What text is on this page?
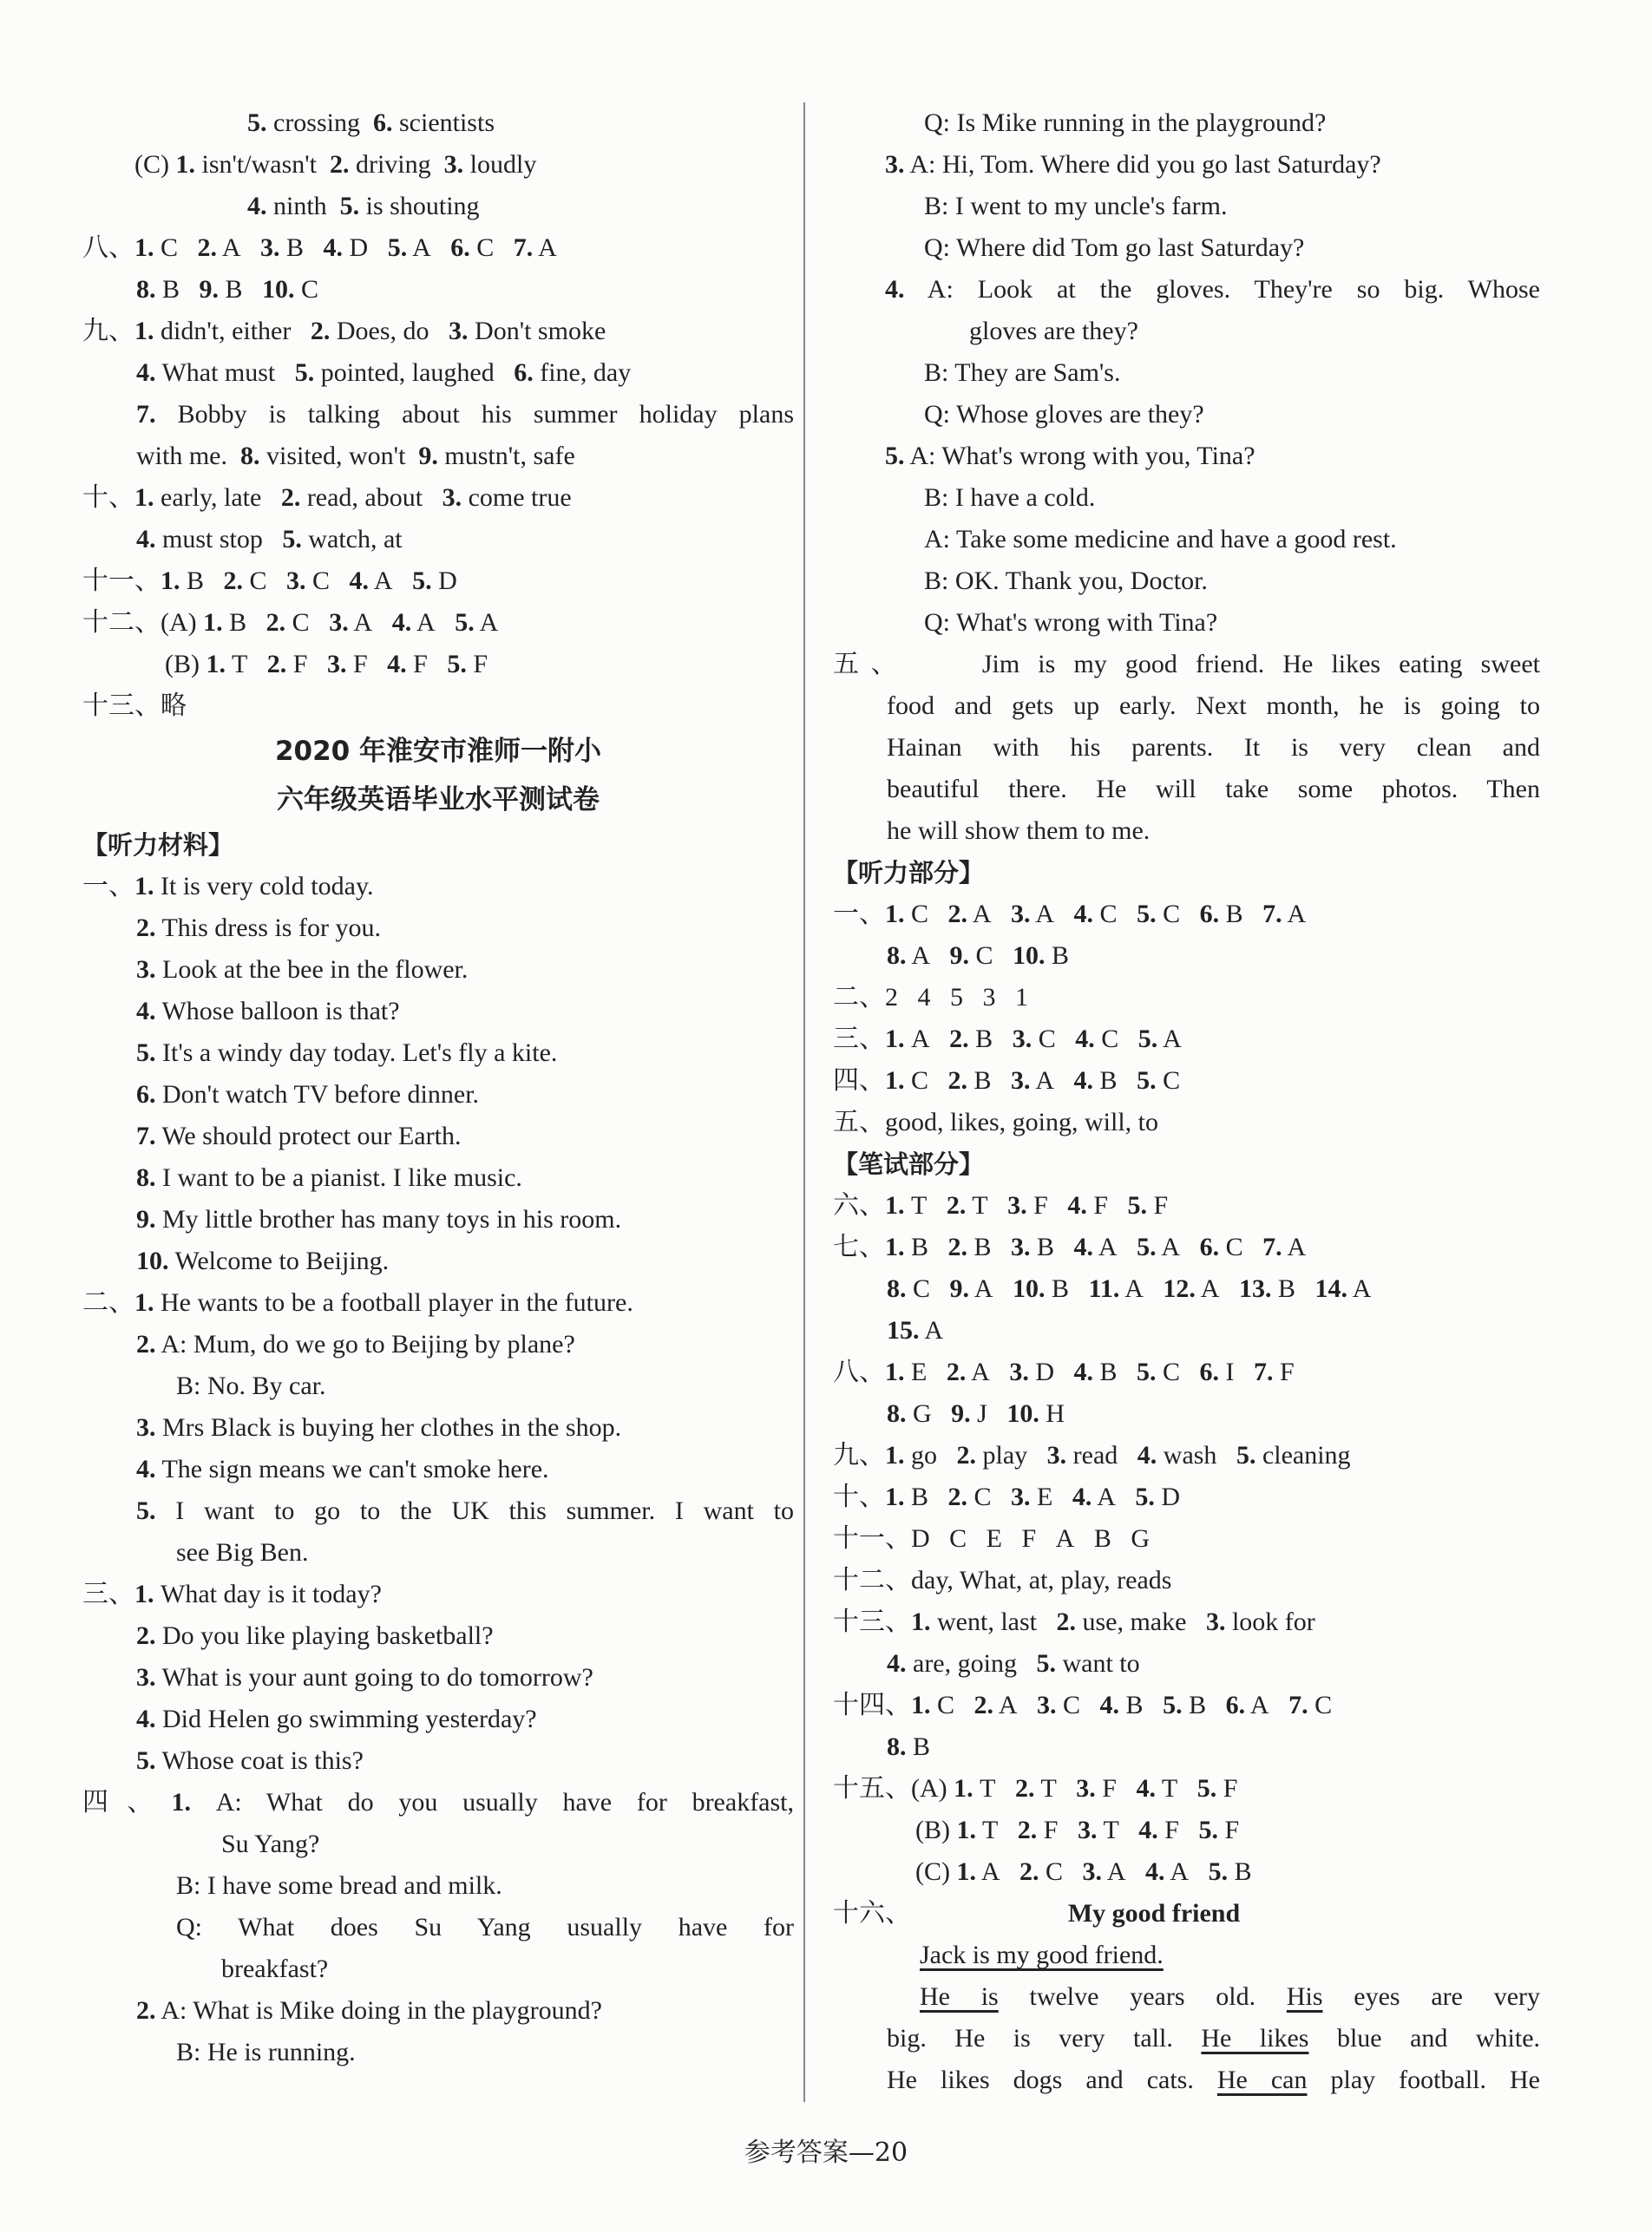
5. crossing  6. scientists
(C) 1. isn't/wasn't  2. driving  3. loudly
4. ninth  5. is shouting
八、1. C   2. A   3. B   4. D   5. A   6. C   7. A
8. B   9. B   10. C
九、1. didn't, either   2. Does, do   3. Don't smoke
4. What must   5. pointed, laughed   6. fine, day
7. Bobby is talking about his summer holiday plans
with me.  8. visited, won't  9. mustn't, safe
十、1. early, late   2. read, about   3. come true
4. must stop   5. watch, at
十一、1. B   2. C   3. C   4. A   5. D
十二、(A) 1. B   2. C   3. A   4. A   5. A
(B) 1. T   2. F   3. F   4. F   5. F
十三、略
2020 年淮安市淮师一附小
六年级英语毕业水平测试卷
【听力材料】
一、1. It is very cold today.
2. This dress is for you.
3. Look at the bee in the flower.
4. Whose balloon is that?
5. It's a windy day today. Let's fly a kite.
6. Don't watch TV before dinner.
7. We should protect our Earth.
8. I want to be a pianist. I like music.
9. My little brother has many toys in his room.
10. Welcome to Beijing.
二、1. He wants to be a football player in the future.
2. A: Mum, do we go to Beijing by plane?
B: No. By car.
3. Mrs Black is buying her clothes in the shop.
4. The sign means we can't smoke here.
5. I want to go to the UK this summer. I want to
see Big Ben.
三、1. What day is it today?
2. Do you like playing basketball?
3. What is your aunt going to do tomorrow?
4. Did Helen go swimming yesterday?
5. Whose coat is this?
四、1. A: What do you usually have for breakfast,
Su Yang?
B: I have some bread and milk.
Q: What does Su Yang usually have for
breakfast?
2. A: What is Mike doing in the playground?
B: He is running.
Q: Is Mike running in the playground?
3. A: Hi, Tom. Where did you go last Saturday?
B: I went to my uncle's farm.
Q: Where did Tom go last Saturday?
4. A: Look at the gloves. They're so big. Whose
gloves are they?
B: They are Sam's.
Q: Whose gloves are they?
5. A: What's wrong with you, Tina?
B: I have a cold.
A: Take some medicine and have a good rest.
B: OK. Thank you, Doctor.
Q: What's wrong with Tina?
五、    Jim is my good friend. He likes eating sweet
food and gets up early. Next month, he is going to
Hainan with his parents. It is very clean and
beautiful there. He will take some photos. Then
he will show them to me.
【听力部分】
一、1. C   2. A   3. A   4. C   5. C   6. B   7. A
8. A   9. C   10. B
二、2   4   5   3   1
三、1. A   2. B   3. C   4. C   5. A
四、1. C   2. B   3. A   4. B   5. C
五、good, likes, going, will, to
【笔试部分】
六、1. T   2. T   3. F   4. F   5. F
七、1. B   2. B   3. B   4. A   5. A   6. C   7. A
8. C   9. A   10. B   11. A   12. A   13. B   14. A
15. A
八、1. E   2. A   3. D   4. B   5. C   6. I   7. F
8. G   9. J   10. H
九、1. go   2. play   3. read   4. wash   5. cleaning
十、1. B   2. C   3. E   4. A   5. D
十一、D   C   E   F   A   B   G
十二、day, What, at, play, reads
十三、1. went, last   2. use, make   3. look for
4. are, going   5. want to
十四、1. C   2. A   3. C   4. B   5. B   6. A   7. C
8. B
十五、(A) 1. T   2. T   3. F   4. T   5. F
(B) 1. T   2. F   3. T   4. F   5. F
(C) 1. A   2. C   3. A   4. A   5. B
十六、	My good friend
Jack is my good friend.
He is twelve years old. His eyes are very
big. He is very tall. He likes blue and white.
He likes dogs and cats. He can play football. He
参考答案—20
